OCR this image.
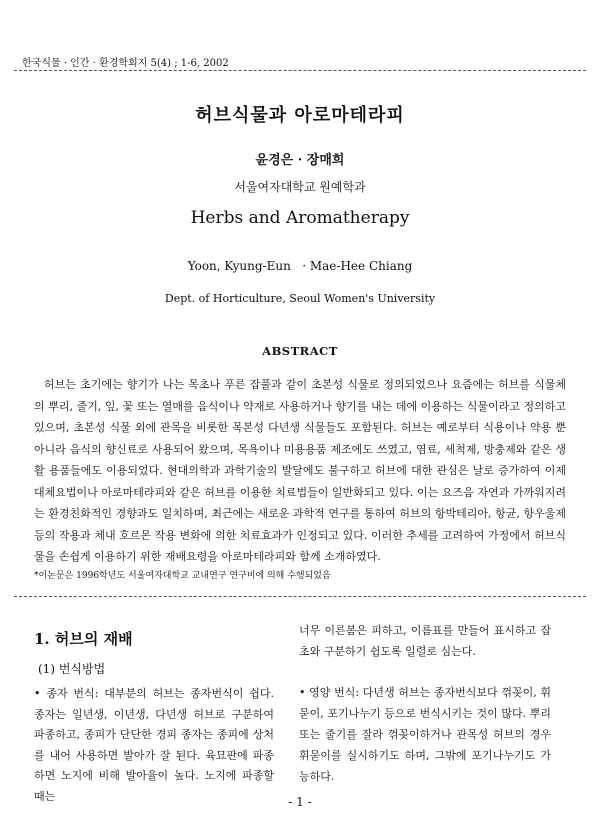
한국식물 · 인간 · 환경학회지 5(4) ; 1-6, 2002
허브식물과 아로마테라피
윤경은 · 장매희
서울여자대학교 원예학과
Herbs and Aromatherapy
Yoon, Kyung-Eun   · Mae-Hee Chiang
Dept. of Horticulture, Seoul Women's University
ABSTRACT

허브는 초기에는 향기가 나는 목초나 푸른 잡풀과 같이 초본성 식물로 정의되었으나 요즘에는 허브를 식물체의 뿌리, 줄기, 잎, 꽃 또는 열매를 음식이나 약재로 사용하거나 향기를 내는 데에 이용하는 식물이라고 정의하고 있으며, 초본성 식물 외에 관목을 비롯한 목본성 다년생 식물들도 포함된다. 허브는 예로부터 식용이나 약용 뿐 아니라 음식의 향신료로 사용되어 왔으며, 목욕이나 미용용품 제조에도 쓰였고, 염료, 세척제, 방충제와 같은 생활 용품들에도 이용되었다. 현대의학과 과학기술의 발달에도 불구하고 허브에 대한 관심은 날로 증가하여 이제 대체요법이나 아로마테라피와 같은 허브를 이용한 치료법들이 일반화되고 있다. 이는 요즈음 자연과 가까워지려는 환경친화적인 경향과도 일치하며, 최근에는 새로운 과학적 연구를 통하여 허브의 항박테리아, 항균, 항우울제 등의 작용과 체내 호르몬 작용 변화에 의한 치료효과가 인정되고 있다. 이러한 추세를 고려하여 가정에서 허브식물을 손쉽게 이용하기 위한 재배요령을 아로마테라피와 함께 소개하였다.

*이논문은 1996학년도 서울여자대학교 교내연구 연구비에 의해 수행되었음
1. 허브의 재배
(1) 번식방법

• 종자 번식: 대부분의 허브는 종자번식이 쉽다. 종자는 일년생, 이년생, 다년생 허브로 구분하여 파종하고, 종피가 단단한 경피 종자는 종피에 상처를 내어 사용하면 발아가 잘 된다. 육묘판에 파종하면 노지에 비해 발아율이 높다. 노지에 파종할 때는

너무 이른봄은 피하고, 이름표를 만들어 표시하고 잡초와 구분하기 쉽도록 일렬로 심는다.

• 영양 번식: 다년생 허브는 종자번식보다 꺾꽂이, 휘묻이, 포기나누기 등으로 번식시키는 것이 많다. 뿌리 또는 줄기를 잘라 꺾꽂이하거나 관목성 허브의 경우 휘묻이를 실시하기도 하며, 그밖에 포기나누기도 가능하다.

- 1 -
